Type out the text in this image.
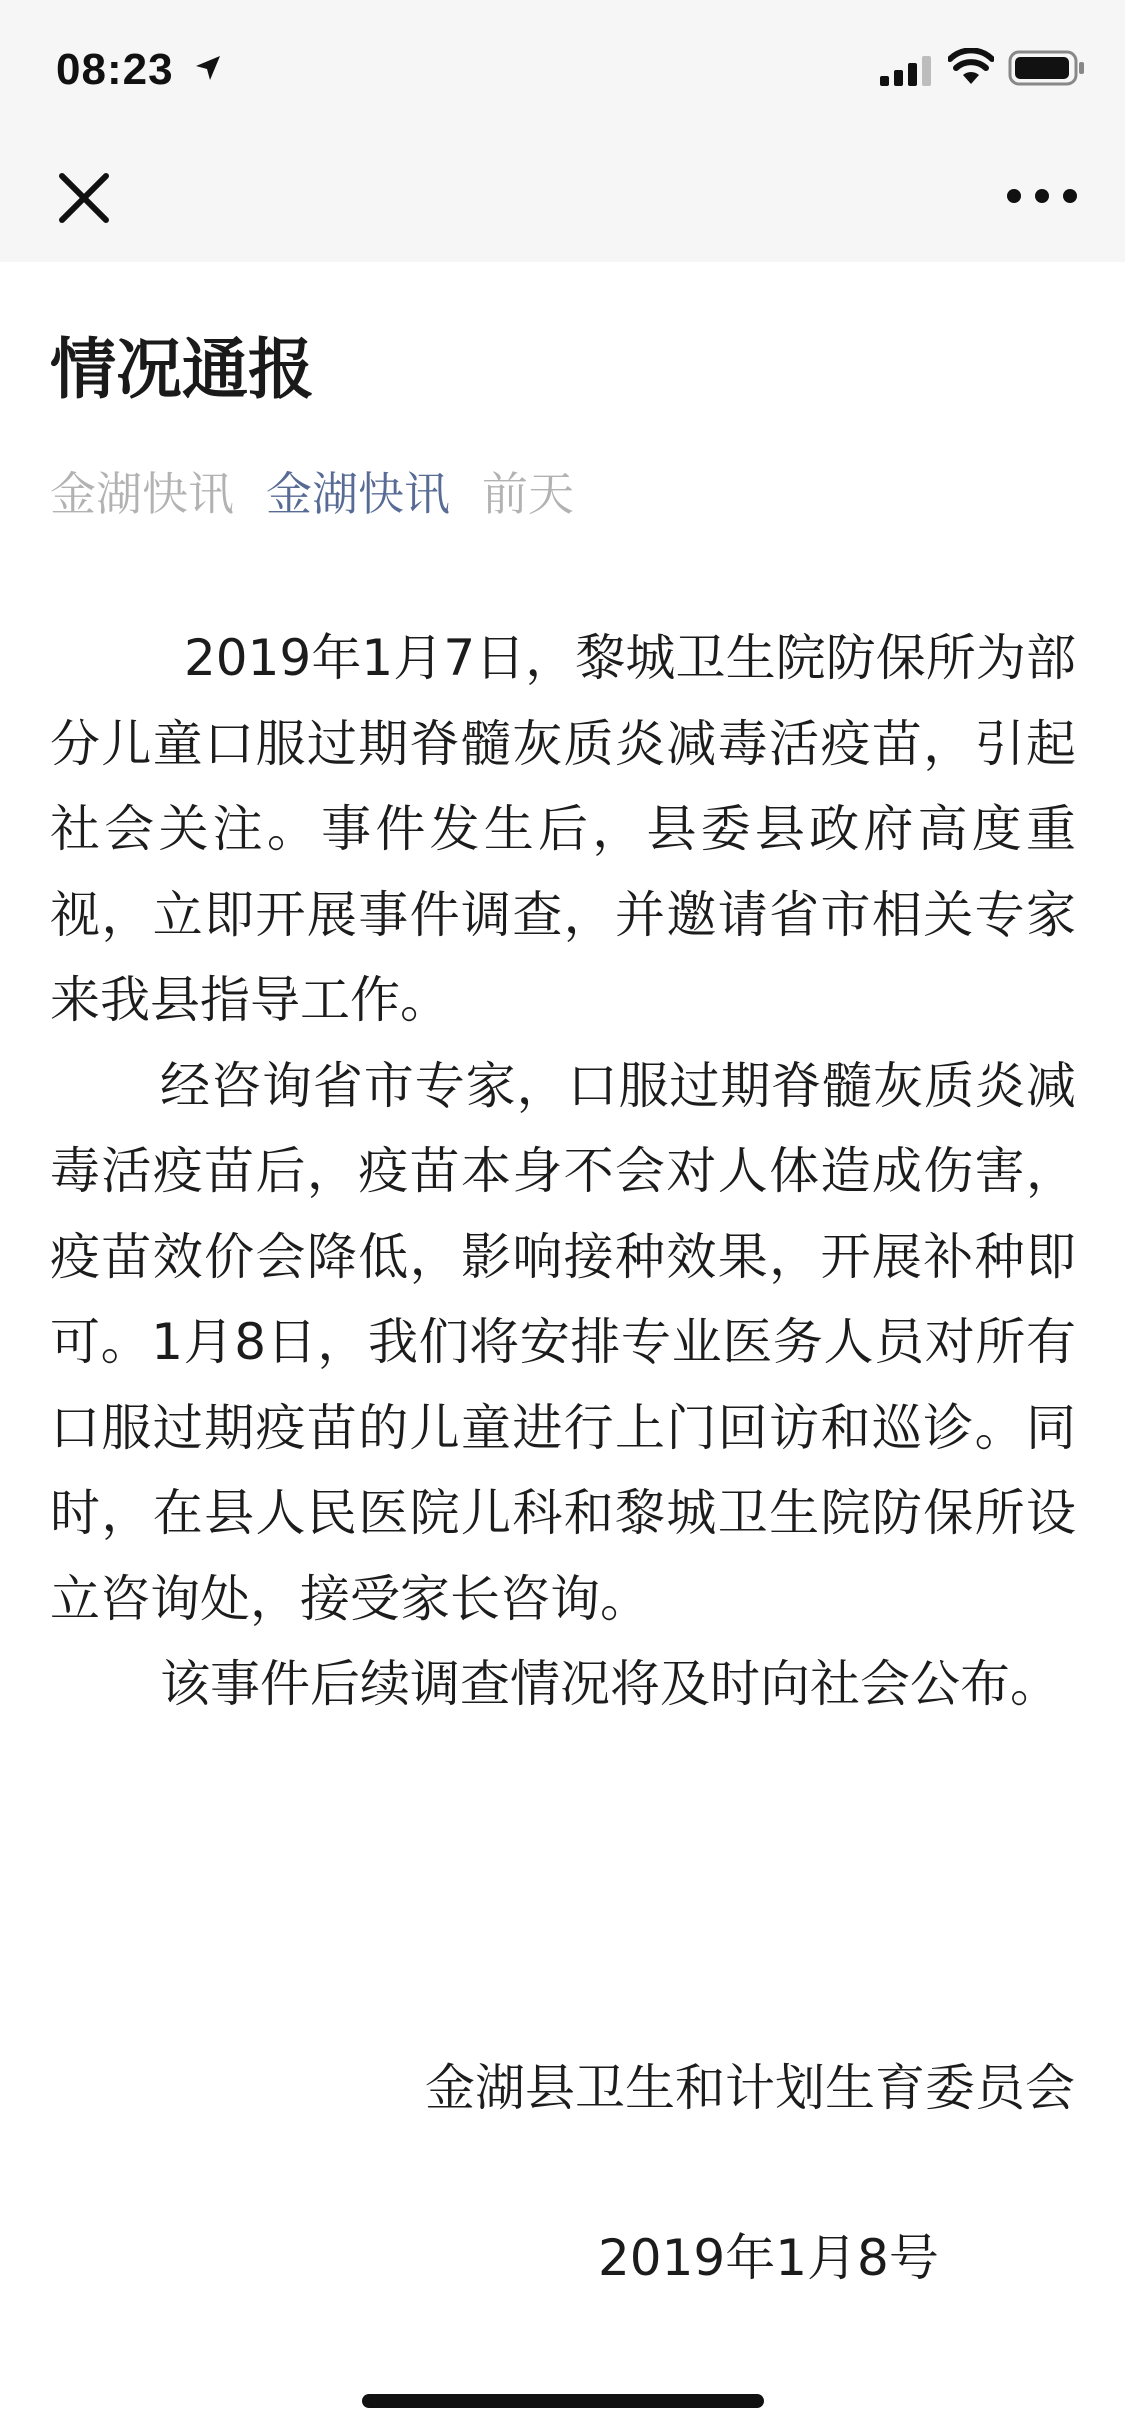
08:23
情况通报
金湖快讯 金湖快讯 前天

2019年1月7日，黎城卫生院防保所为部分儿童口服过期脊髓灰质炎减毒活疫苗，引起社会关注。事件发生后，县委县政府高度重视，立即开展事件调查，并邀请省市相关专家来我县指导工作。

经咨询省市专家，口服过期脊髓灰质炎减毒活疫苗后，疫苗本身不会对人体造成伤害，疫苗效价会降低，影响接种效果，开展补种即可。1月8日，我们将安排专业医务人员对所有口服过期疫苗的儿童进行上门回访和巡诊。同时，在县人民医院儿科和黎城卫生院防保所设立咨询处，接受家长咨询。

该事件后续调查情况将及时向社会公布。

金湖县卫生和计划生育委员会
2019年1月8号
